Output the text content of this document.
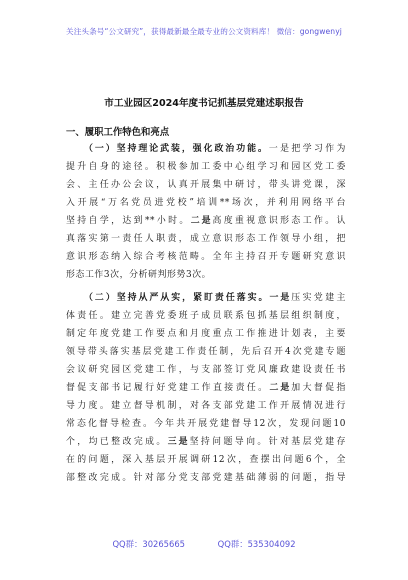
关注头条号“公文研究”，获得最新最全最专业的公文资料库！ 微信：gongwenyj
市工业园区2024年度书记抓基层党建述职报告
一、履职工作特色和亮点
（一）坚持理论武装，强化政治功能。一是把学习作为
提升自身的途径。积极参加工委中心组学习和园区党工委
会、主任办公会议，认真开展集中研讨，带头讲党课，深
入开展“万名党员进党校”培训**场次，并利用网络平台
坚持自学，达到**小时。二是高度重视意识形态工作。认
真落实第一责任人职责，成立意识形态工作领导小组，把
意识形态纳入综合考核范畴。全年主持召开专题研究意识
形态工作3次，分析研判形势3次。
（二）坚持从严从实，紧盯责任落实。一是压实党建主
体责任。建立完善党委班子成员联系包抓基层组织制度，
制定年度党建工作要点和月度重点工作推进计划表，主要
领导带头落实基层党建工作责任制，先后召开4次党建专题
会议研究园区党建工作，与支部签订党风廉政建设责任书
督促支部书记履行好党建工作直接责任。二是加大督促指
导力度。建立督导机制，对各支部党建工作开展情况进行
常态化督导检查。今年共开展党建督导12次，发现问题10
个，均已整改完成。三是坚持问题导向。针对基层党建存
在的问题，深入基层开展调研12次，查摆出问题6个，全
部整改完成。针对部分党支部党建基础薄弱的问题，指导
QQ群：30265665	QQ群：535304092
